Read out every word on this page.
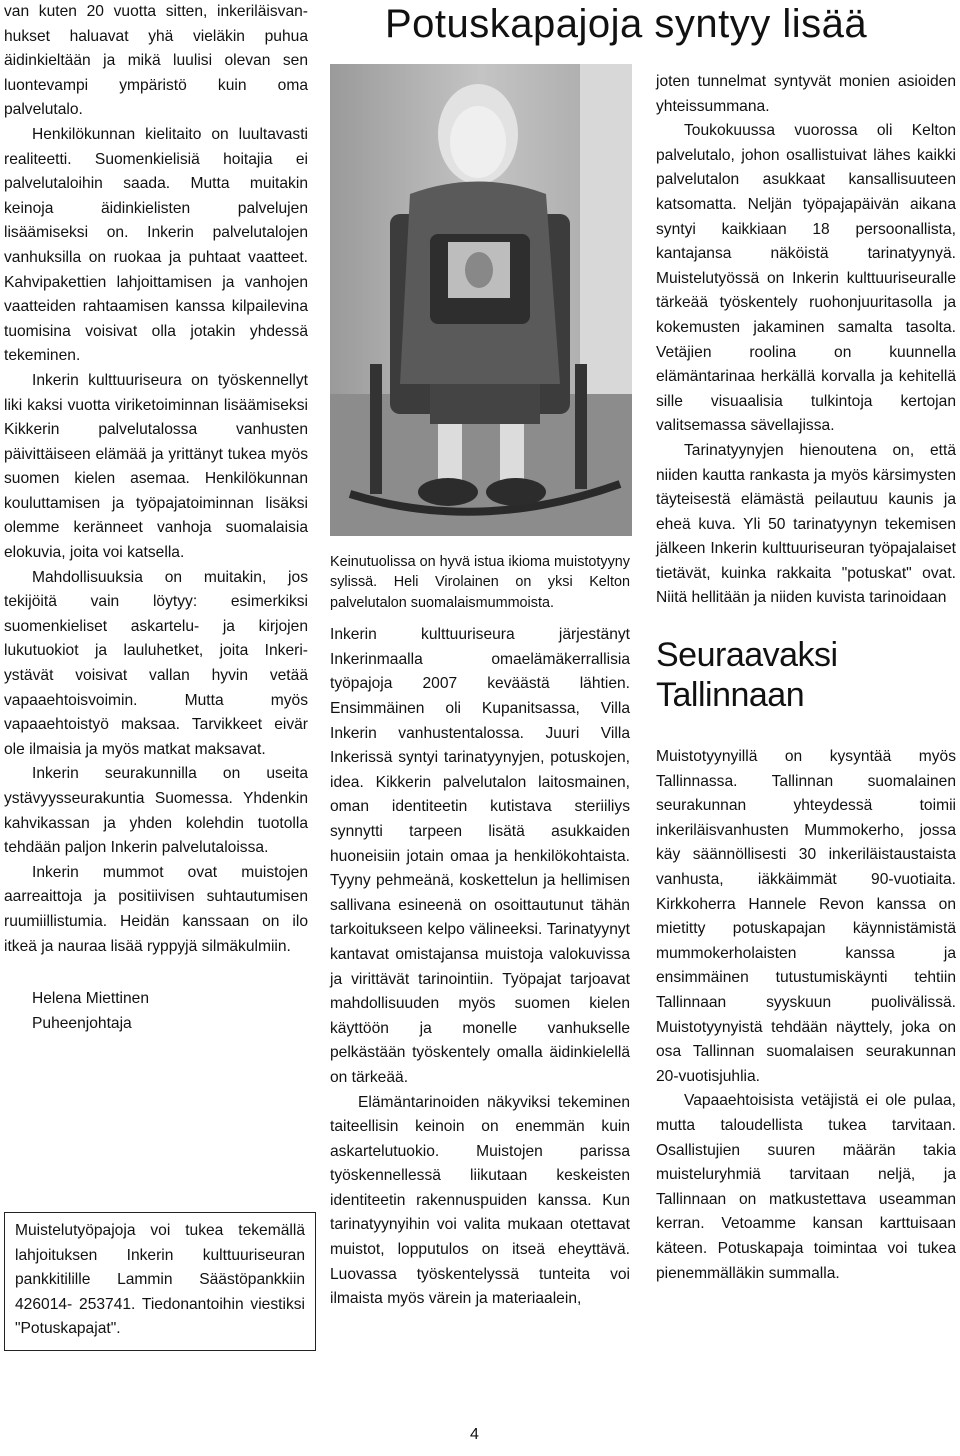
Potuskapajoja syntyy lisää

van kuten 20 vuotta sitten, inkeriläisvan-hukset haluavat yhä vieläkin puhua äidinkieltään ja mikä luulisi olevan sen luontevampi ympäristö kuin oma palvelutalo.

Henkilökunnan kielitaito on luultavasti realiteetti. Suomenkielisiä hoitajia ei palvelutaloihin saada. Mutta muitakin keinoja äidinkielisten palvelujen lisäämiseksi on. Inkerin palvelutalojen vanhuksilla on ruokaa ja puhtaat vaatteet. Kahvipakettien lahjoittamisen ja vanhojen vaatteiden rahtaamisen kanssa kilpailevina tuomisina voisivat olla jotakin yhdessä tekeminen.

Inkerin kulttuuriseura on työskennellyt liki kaksi vuotta viriketoiminnan lisäämiseksi Kikkerin palvelutalossa vanhusten päivittäiseen elämää ja yrittänyt tukea myös suomen kielen asemaa. Henkilökunnan kouluttamisen ja työpajatoiminnan lisäksi olemme keränneet vanhoja suomalaisia elokuvia, joita voi katsella.

Mahdollisuuksia on muitakin, jos tekijöitä vain löytyy: esimerkiksi suomenkieliset askartelu- ja kirjojen lukutuokiot ja lauluhetket, joita Inkeri-ystävät voisivat vallan hyvin vetää vapaaehtoisvoimin. Mutta myös vapaaehtoistyö maksaa. Tarvikkeet eivär ole ilmaisia ja myös matkat maksavat.

Inkerin seurakunnilla on useita ystävyysseurakuntia Suomessa. Yhdenkin kahvikassan ja yhden kolehdin tuotolla tehdään paljon Inkerin palvelutaloissa.

Inkerin mummot ovat muistojen aarreaittoja ja positiivisen suhtautumisen ruumiillistumia. Heidän kanssaan on ilo itkeä ja nauraa lisää ryppyjä silmäkulmiin.

Helena Miettinen

Puheenjohtaja

Muistelutyöpajoja voi tukea tekemällä lahjoituksen Inkerin kulttuuriseuran pankkitilille Lammin Säästöpankkiin 426014- 253741. Tiedonantoihin viestiksi "Potuskapajat".

Keinutuolissa on hyvä istua ikioma muistotyyny sylissä. Heli Virolainen on yksi Kelton palvelutalon suomalaismummoista.

Inkerin kulttuuriseura järjestänyt Inkerinmaalla omaelämäkerrallisia työpajoja 2007 keväästä lähtien. Ensimmäinen oli Kupanitsassa, Villa Inkerin vanhustentalossa. Juuri Villa Inkerissä syntyi tarinatyynyjen, potuskojen, idea. Kikkerin palvelutalon laitosmainen, oman identiteetin kutistava steriiliys synnytti tarpeen lisätä asukkaiden huoneisiin jotain omaa ja henkilökohtaista. Tyyny pehmeänä, koskettelun ja hellimisen sallivana esineenä on osoittautunut tähän tarkoitukseen kelpo välineeksi. Tarinatyynyt kantavat omistajansa muistoja valokuvissa ja virittävät tarinointiin. Työpajat tarjoavat mahdollisuuden myös suomen kielen käyttöön ja monelle vanhukselle pelkästään työskentely omalla äidinkielellä on tärkeää.

Elämäntarinoiden näkyviksi tekeminen taiteellisin keinoin on enemmän kuin askartelutuokio. Muistojen parissa työskennellessä liikutaan keskeisten identiteetin rakennuspuiden kanssa. Kun tarinatyynyihin voi valita mukaan otettavat muistot, lopputulos on itseä eheyttävä. Luovassa työskentelyssä tunteita voi ilmaista myös värein ja materiaalein,

joten tunnelmat syntyvät monien asioiden yhteissummana.

Toukokuussa vuorossa oli Kelton palvelutalo, johon osallistuivat lähes kaikki palvelutalon asukkaat kansallisuuteen katsomatta. Neljän työpajapäivän aikana syntyi kaikkiaan 18 persoonallista, kantajansa näköistä tarinatyynyä. Muistelutyössä on Inkerin kulttuuriseuralle tärkeää työskentely ruohonjuuritasolla ja kokemusten jakaminen samalta tasolta. Vetäjien roolina on kuunnella elämäntarinaa herkällä korvalla ja kehitellä sille visuaalisia tulkintoja kertojan valitsemassa sävellajissa.

Tarinatyynyjen hienoutena on, että niiden kautta rankasta ja myös kärsimysten täyteisestä elämästä peilautuu kaunis ja eheä kuva. Yli 50 tarinatyynyn tekemisen jälkeen Inkerin kulttuuriseuran työpajalaiset tietävät, kuinka rakkaita "potuskat" ovat. Niitä hellitään ja niiden kuvista tarinoidaan

Seuraavaksi Tallinnaan

Muistotyynyillä on kysyntää myös Tallinnassa. Tallinnan suomalainen seurakunnan yhteydessä toimii inkeriläisvanhusten Mummokerho, jossa käy säännöllisesti 30 inkeriläistaustaista vanhusta, iäkkäimmät 90-vuotiaita. Kirkkoherra Hannele Revon kanssa on mietitty potuskapajan käynnistämistä mummokerholaisten kanssa ja ensimmäinen tutustumiskäynti tehtiin Tallinnaan syyskuun puolivälissä. Muistotyynyistä tehdään näyttely, joka on osa Tallinnan suomalaisen seurakunnan 20-vuotisjuhlia.

Vapaaehtoisista vetäjistä ei ole pulaa, mutta taloudellista tukea tarvitaan. Osallistujien suuren määrän takia muisteluryhmiä tarvitaan neljä, ja Tallinnaan on matkustettava useamman kerran. Vetoamme kansan karttuisaan käteen. Potuskapaja toimintaa voi tukea pienemmälläkin summalla.

4
